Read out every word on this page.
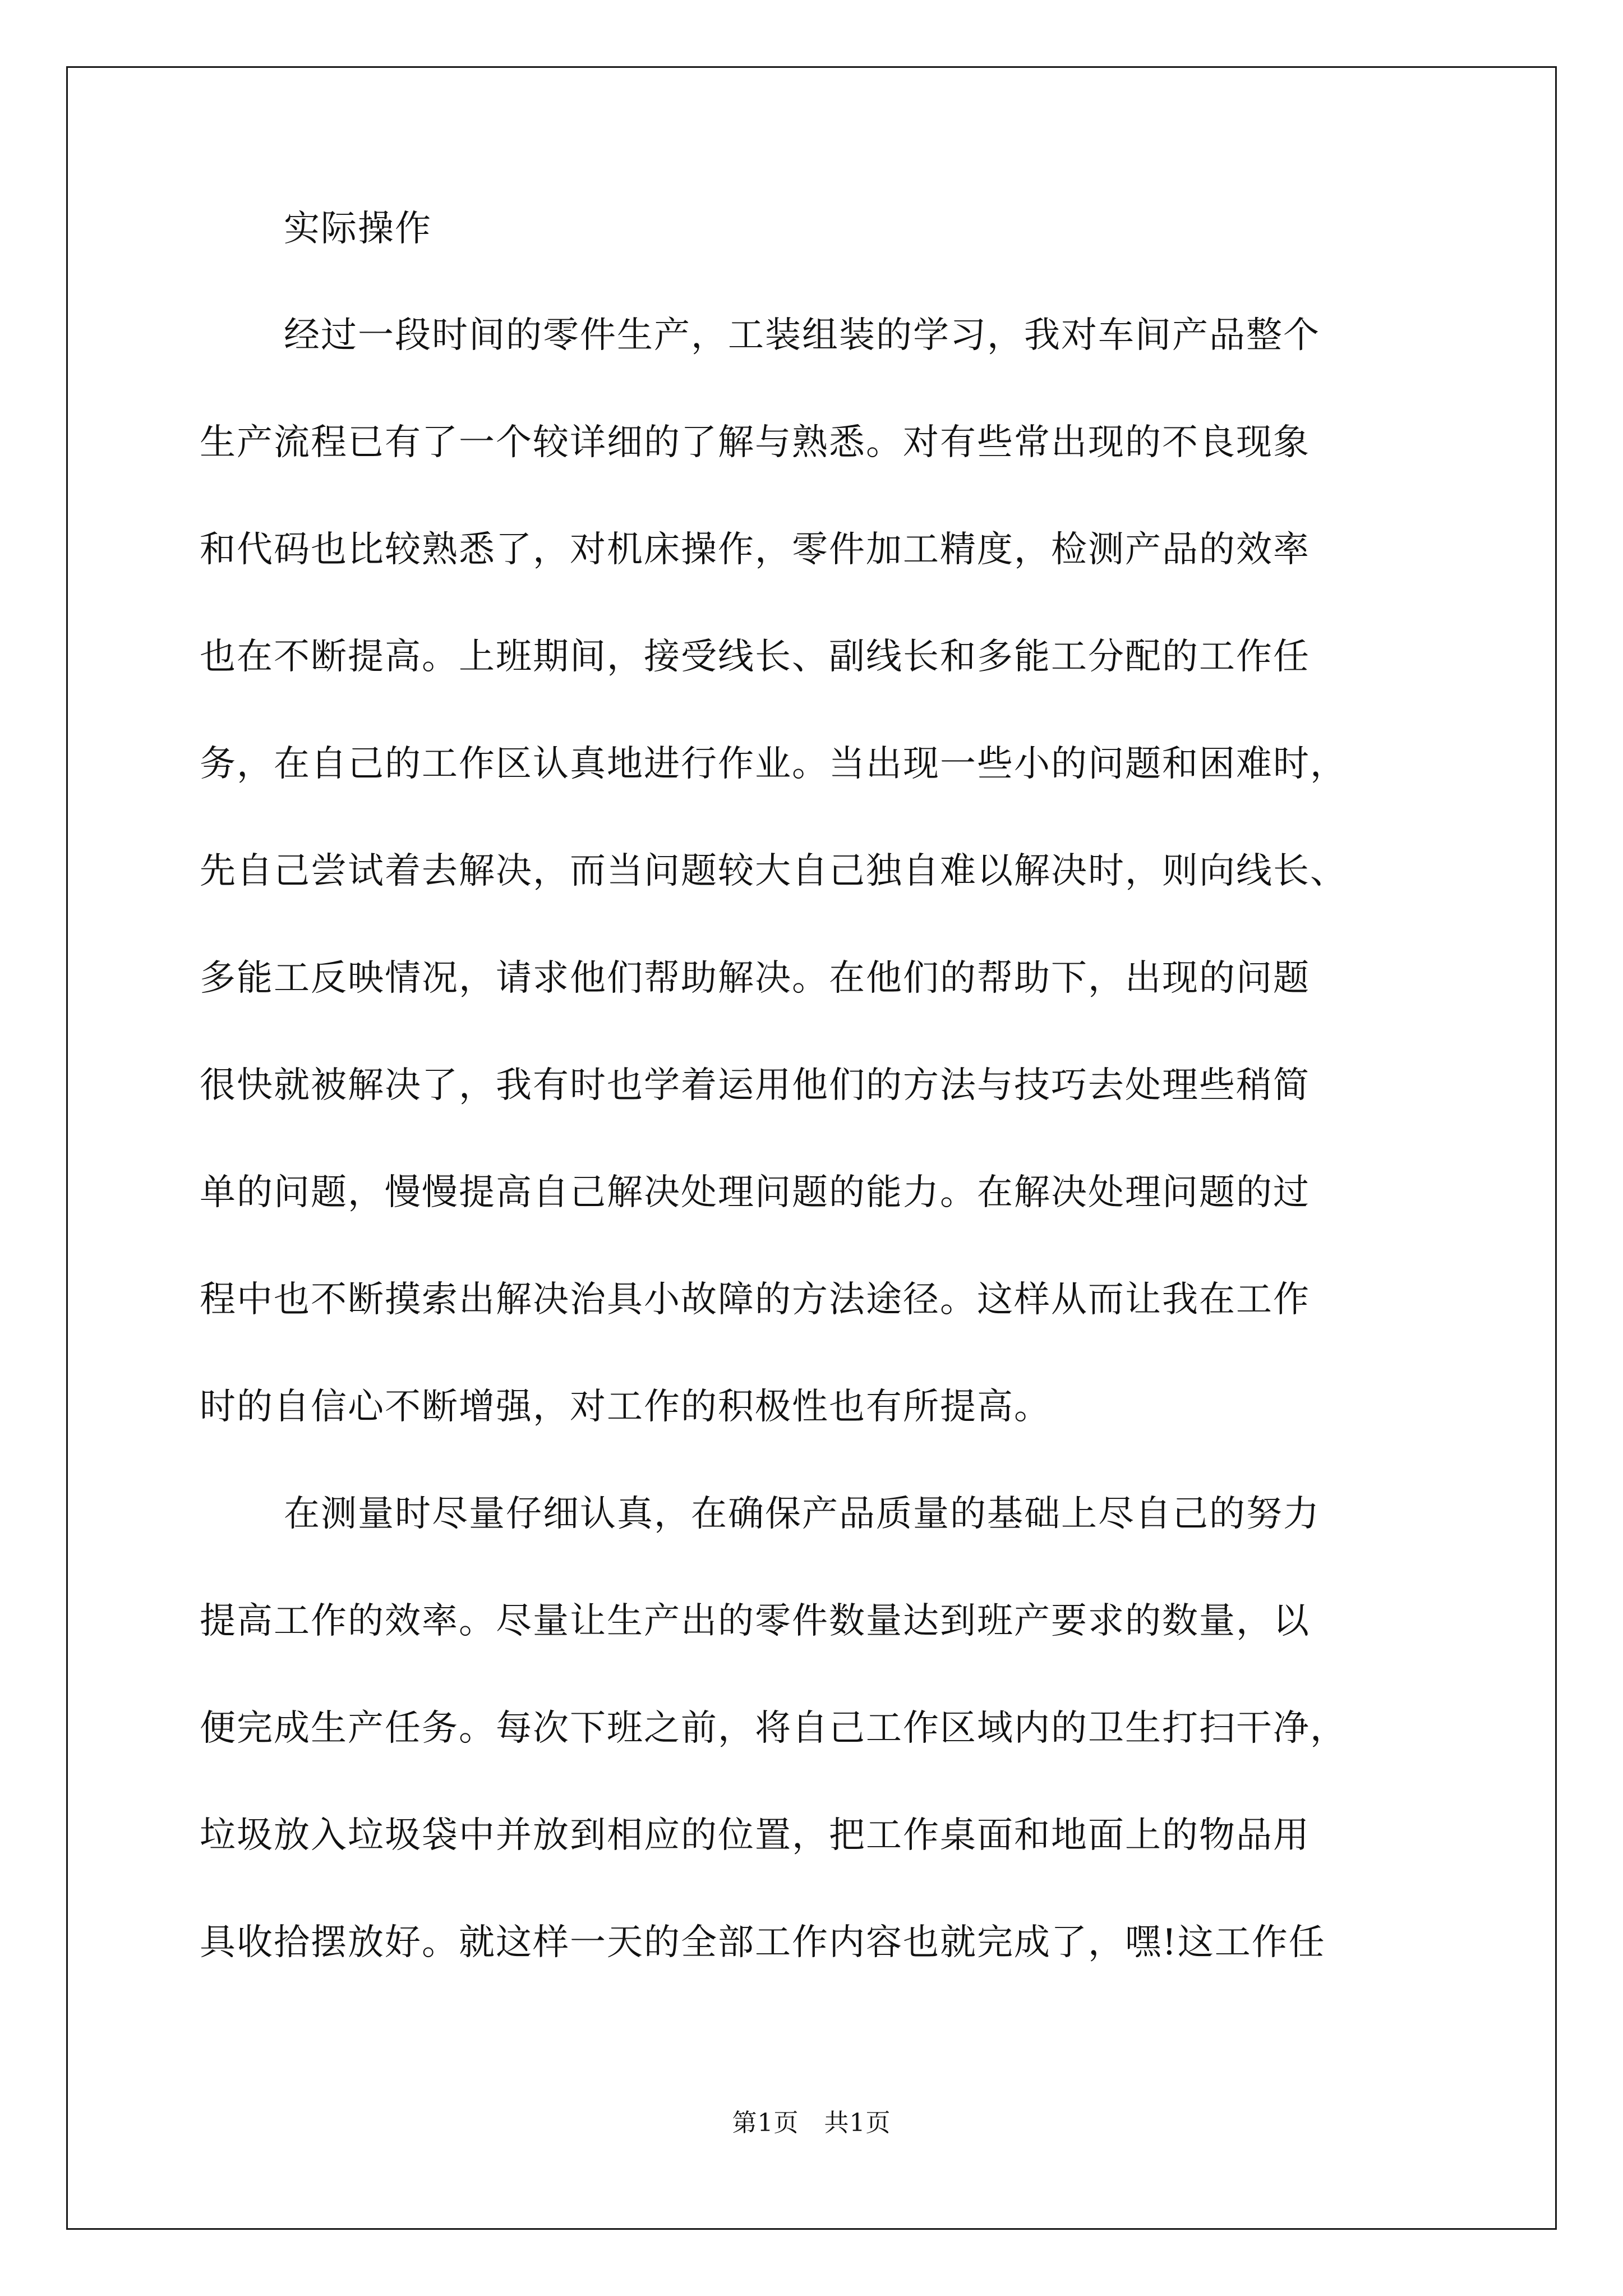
实际操作
经过一段时间的零件生产，工装组装的学习，我对车间产品整个
生产流程已有了一个较详细的了解与熟悉。对有些常出现的不良现象
和代码也比较熟悉了，对机床操作，零件加工精度，检测产品的效率
也在不断提高。上班期间，接受线长、副线长和多能工分配的工作任
务，在自己的工作区认真地进行作业。当出现一些小的问题和困难时，
先自己尝试着去解决，而当问题较大自己独自难以解决时，则向线长、
多能工反映情况，请求他们帮助解决。在他们的帮助下，出现的问题
很快就被解决了，我有时也学着运用他们的方法与技巧去处理些稍简
单的问题，慢慢提高自己解决处理问题的能力。在解决处理问题的过
程中也不断摸索出解决治具小故障的方法途径。这样从而让我在工作
时的自信心不断增强，对工作的积极性也有所提高。
在测量时尽量仔细认真，在确保产品质量的基础上尽自己的努力
提高工作的效率。尽量让生产出的零件数量达到班产要求的数量，以
便完成生产任务。每次下班之前，将自己工作区域内的卫生打扫干净，
垃圾放入垃圾袋中并放到相应的位置，把工作桌面和地面上的物品用
具收拾摆放好。就这样一天的全部工作内容也就完成了，嘿!这工作任
第1页   共1页
